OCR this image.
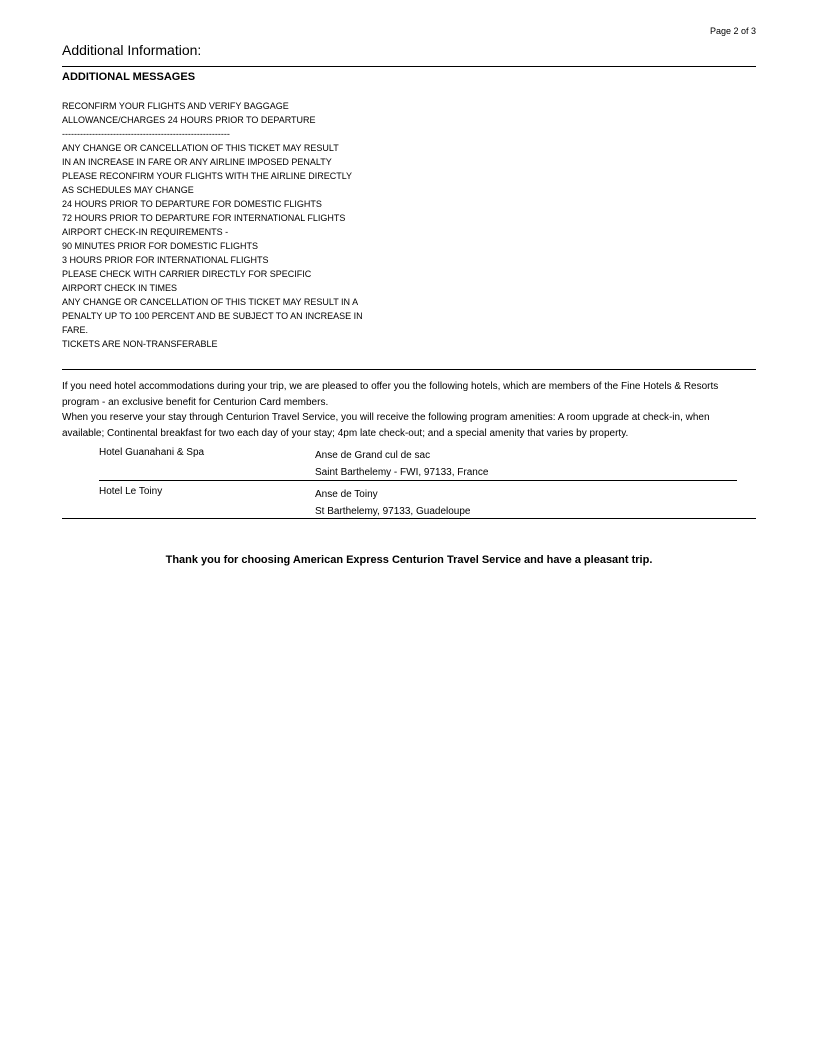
Page 2 of 3
Additional Information:
ADDITIONAL MESSAGES
RECONFIRM YOUR FLIGHTS AND VERIFY BAGGAGE
ALLOWANCE/CHARGES 24 HOURS PRIOR TO DEPARTURE
--------------------------------------------------------
ANY CHANGE OR CANCELLATION OF THIS TICKET MAY RESULT
IN AN INCREASE IN FARE OR ANY AIRLINE IMPOSED PENALTY
PLEASE RECONFIRM YOUR FLIGHTS WITH THE AIRLINE DIRECTLY
AS SCHEDULES MAY CHANGE
24 HOURS PRIOR TO DEPARTURE FOR DOMESTIC FLIGHTS
72 HOURS PRIOR TO DEPARTURE FOR INTERNATIONAL FLIGHTS
AIRPORT CHECK-IN REQUIREMENTS -
90 MINUTES PRIOR FOR DOMESTIC FLIGHTS
3 HOURS PRIOR FOR INTERNATIONAL FLIGHTS
PLEASE CHECK WITH CARRIER DIRECTLY FOR SPECIFIC
AIRPORT CHECK IN TIMES
ANY CHANGE OR CANCELLATION OF THIS TICKET MAY RESULT IN A
PENALTY UP TO 100 PERCENT AND BE SUBJECT TO AN INCREASE IN
FARE.
TICKETS ARE NON-TRANSFERABLE

If you need hotel accommodations during your trip, we are pleased to offer you the following hotels, which are members of the Fine Hotels & Resorts program - an exclusive benefit for Centurion Card members.

When you reserve your stay through Centurion Travel Service, you will receive the following program amenities: A room upgrade at check-in, when available; Continental breakfast for two each day of your stay; 4pm late check-out; and a special amenity that varies by property.

Hotel Guanahani & Spa	Anse de Grand cul de sac
Saint Barthelemy - FWI, 97133, France
Hotel Le Toiny	Anse de Toiny
St Barthelemy, 97133, Guadeloupe
Thank you for choosing American Express Centurion Travel Service and have a pleasant trip.
